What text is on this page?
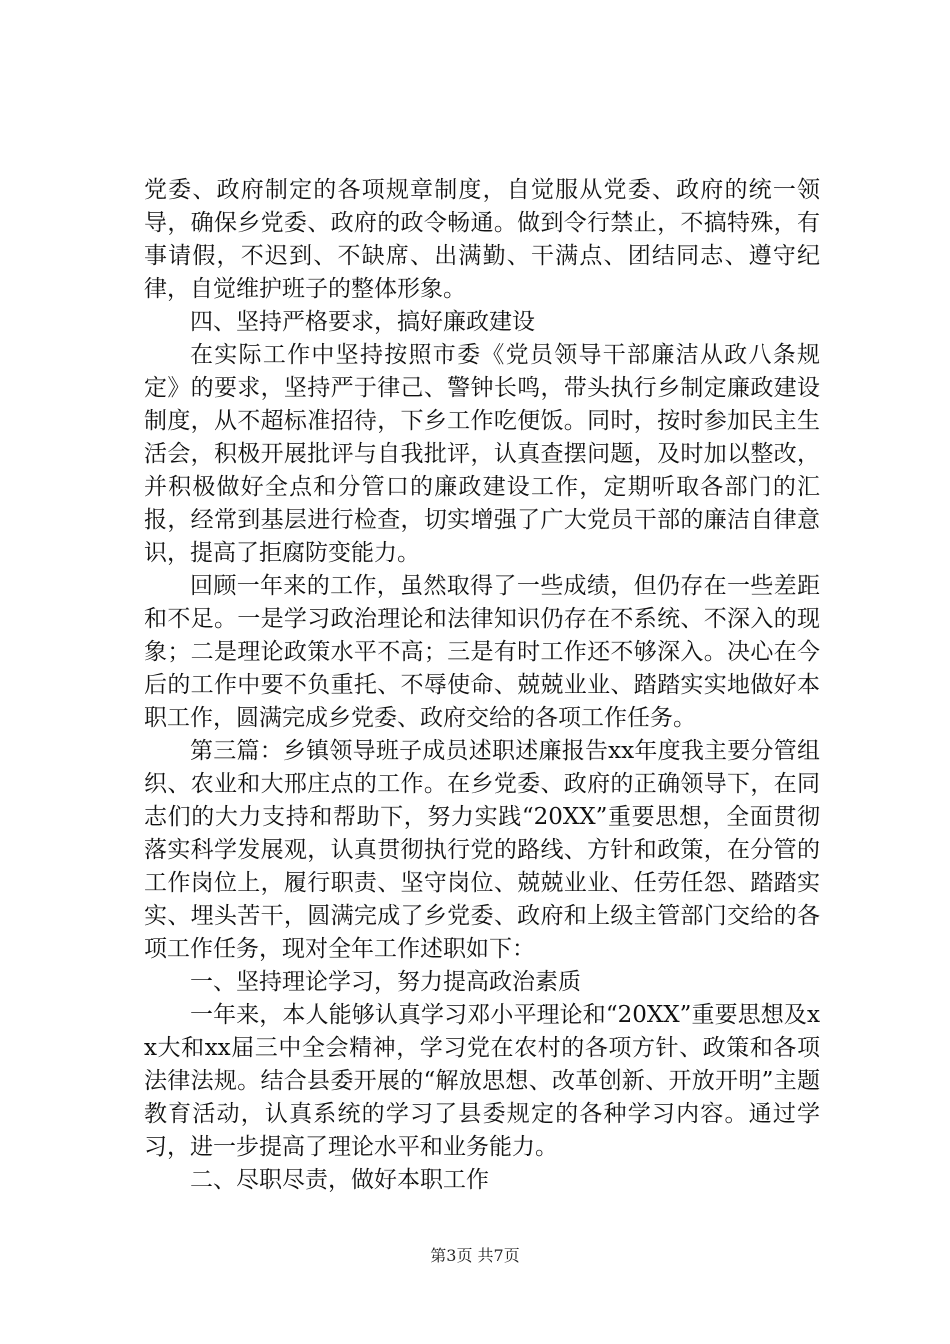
党委、政府制定的各项规章制度，自觉服从党委、政府的统一领导，确保乡党委、政府的政令畅通。做到令行禁止，不搞特殊，有事请假，不迟到、不缺席、出满勤、干满点、团结同志、遵守纪律，自觉维护班子的整体形象。

四、坚持严格要求，搞好廉政建设

在实际工作中坚持按照市委《党员领导干部廉洁从政八条规定》的要求，坚持严于律己、警钟长鸣，带头执行乡制定廉政建设制度，从不超标准招待，下乡工作吃便饭。同时，按时参加民主生活会，积极开展批评与自我批评，认真查摆问题，及时加以整改，并积极做好全点和分管口的廉政建设工作，定期听取各部门的汇报，经常到基层进行检查，切实增强了广大党员干部的廉洁自律意识，提高了拒腐防变能力。

回顾一年来的工作，虽然取得了一些成绩，但仍存在一些差距和不足。一是学习政治理论和法律知识仍存在不系统、不深入的现象；二是理论政策水平不高；三是有时工作还不够深入。决心在今后的工作中要不负重托、不辱使命、兢兢业业、踏踏实实地做好本职工作，圆满完成乡党委、政府交给的各项工作任务。

第三篇：乡镇领导班子成员述职述廉报告xx年度我主要分管组织、农业和大邢庄点的工作。在乡党委、政府的正确领导下，在同志们的大力支持和帮助下，努力实践“20XX”重要思想，全面贯彻落实科学发展观，认真贯彻执行党的路线、方针和政策，在分管的工作岗位上，履行职责、坚守岗位、兢兢业业、任劳任怨、踏踏实实、埋头苦干，圆满完成了乡党委、政府和上级主管部门交给的各项工作任务，现对全年工作述职如下：

一、坚持理论学习，努力提高政治素质

一年来，本人能够认真学习邓小平理论和“20XX”重要思想及xx大和xx届三中全会精神，学习党在农村的各项方针、政策和各项法律法规。结合县委开展的“解放思想、改革创新、开放开明”主题教育活动，认真系统的学习了县委规定的各种学习内容。通过学习，进一步提高了理论水平和业务能力。

二、尽职尽责，做好本职工作

第3页 共7页
